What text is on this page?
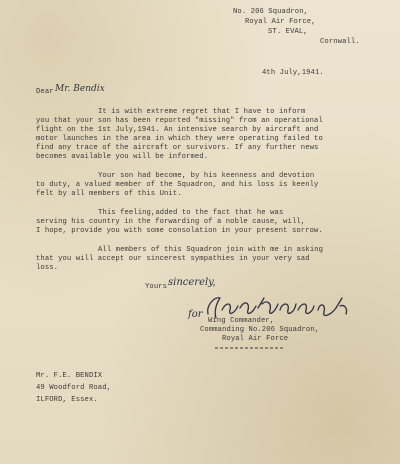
No. 206 Squadron,
Royal Air Force,
ST. EVAL,
Cornwall.
4th July,1941.
Dear Mr. Bendix
It is with extreme regret that I have to inform
you that your son has been reported "missing" from an operational
flight on the 1st July,1941. An intensive search by aircraft and
motor launches in the area in which they were operating failed to
find any trace of the aircraft or survivors. If any further news
becomes available you will be informed.
Your son had become, by his keenness and devotion
to duty, a valued member of the Squadron, and his loss is keenly
felt by all members of this Unit.
This feeling,added to the fact that he was
serving his country in the forwarding of a noble cause, will,
I hope, provide you with some consolation in your present sorrow.
All members of this Squadron join with me in asking
that you will accept our sincerest sympathies in your very sad
loss.
Yours sincerely,
for
Wing Commander,
Commanding No.206 Squadron,
Royal Air Force
Mr. F.E. BENDIX
49 Woodford Road,
ILFORD, Essex.
